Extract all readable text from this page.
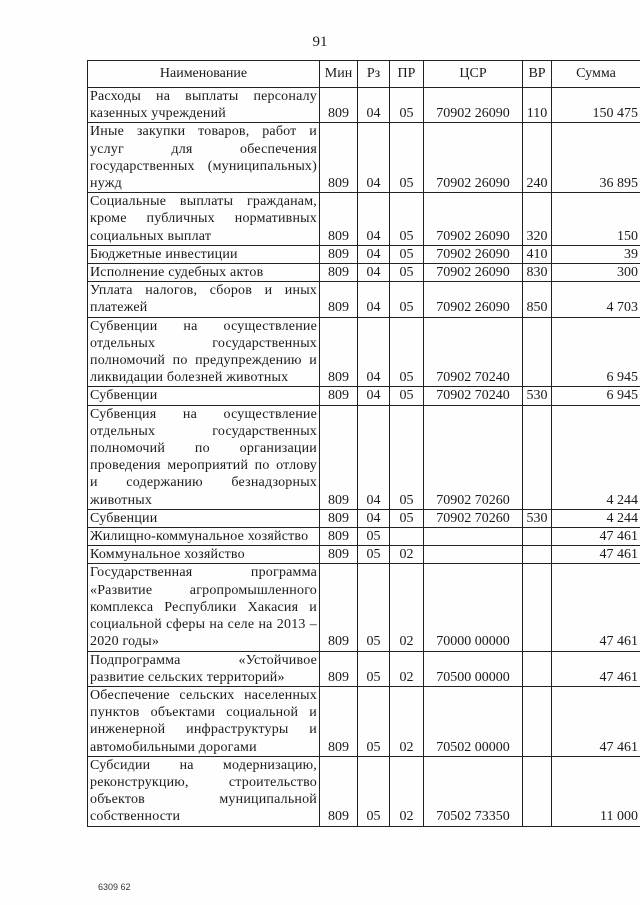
91
Наименование	Мин	Рз	ПР	ЦСР	ВР	Сумма
Расходы на выплаты персоналу казенных учреждений	809	04	05	70902 26090	110	150 475
Иные закупки товаров, работ и услуг для обеспечения государственных (муниципальных) нужд	809	04	05	70902 26090	240	36 895
Социальные выплаты гражданам, кроме публичных нормативных социальных выплат	809	04	05	70902 26090	320	150
Бюджетные инвестиции	809	04	05	70902 26090	410	39
Исполнение судебных актов	809	04	05	70902 26090	830	300
Уплата налогов, сборов и иных платежей	809	04	05	70902 26090	850	4 703
Субвенции на осуществление отдельных государственных полномочий по предупреждению и ликвидации болезней животных	809	04	05	70902 70240		6 945
Субвенции	809	04	05	70902 70240	530	6 945
Субвенция на осуществление отдельных государственных полномочий по организации проведения мероприятий по отлову и содержанию безнадзорных животных	809	04	05	70902 70260		4 244
Субвенции	809	04	05	70902 70260	530	4 244
Жилищно-коммунальное хозяйство	809	05				47 461
Коммунальное хозяйство	809	05	02			47 461
Государственная программа «Развитие агропромышленного комплекса Республики Хакасия и социальной сферы на селе на 2013 – 2020 годы»	809	05	02	70000 00000		47 461
Подпрограмма «Устойчивое развитие сельских территорий»	809	05	02	70500 00000		47 461
Обеспечение сельских населенных пунктов объектами социальной и инженерной инфраструктуры и автомобильными дорогами	809	05	02	70502 00000		47 461
Субсидии на модернизацию, реконструкцию, строительство объектов муниципальной собственности	809	05	02	70502 73350		11 000
6309 62
